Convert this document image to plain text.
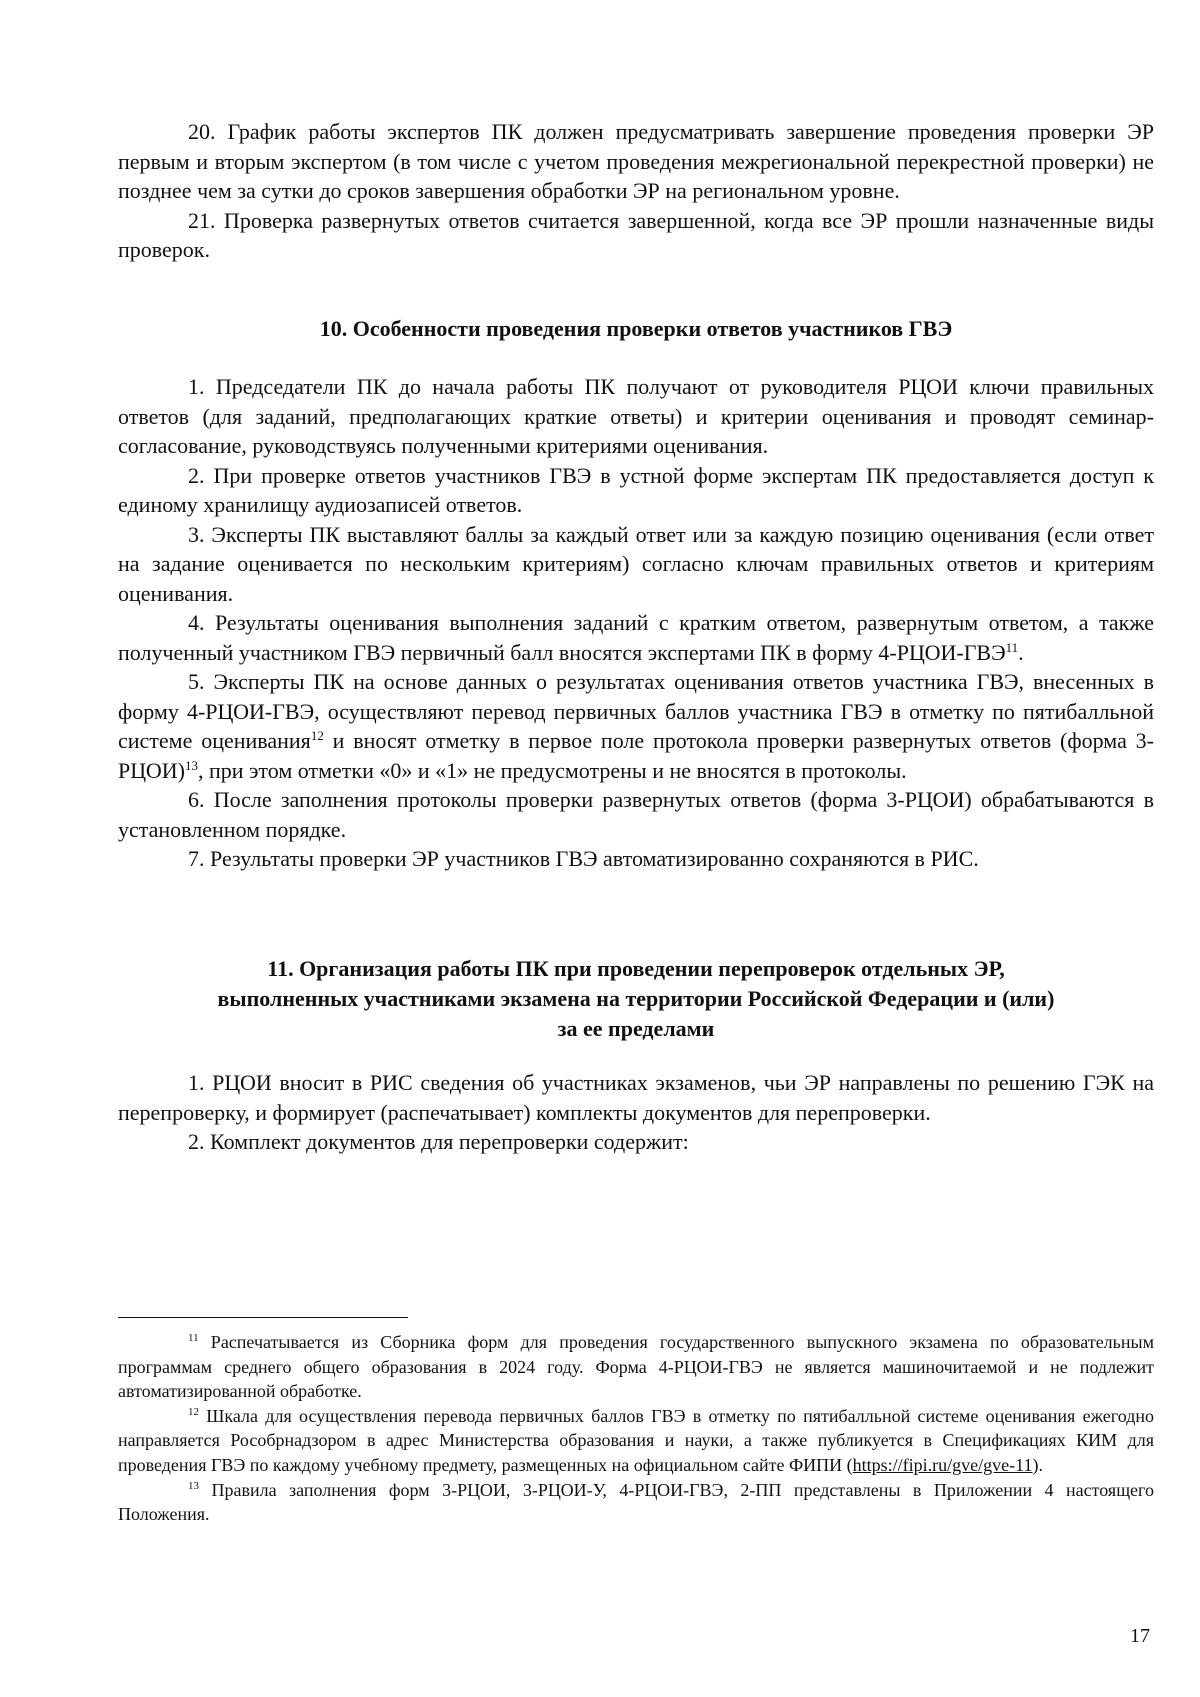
20. График работы экспертов ПК должен предусматривать завершение проведения проверки ЭР первым и вторым экспертом (в том числе с учетом проведения межрегиональной перекрестной проверки) не позднее чем за сутки до сроков завершения обработки ЭР на региональном уровне.

21. Проверка развернутых ответов считается завершенной, когда все ЭР прошли назначенные виды проверок.

10. Особенности проведения проверки ответов участников ГВЭ

1. Председатели ПК до начала работы ПК получают от руководителя РЦОИ ключи правильных ответов (для заданий, предполагающих краткие ответы) и критерии оценивания и проводят семинар-согласование, руководствуясь полученными критериями оценивания.

2. При проверке ответов участников ГВЭ в устной форме экспертам ПК предоставляется доступ к единому хранилищу аудиозаписей ответов.

3. Эксперты ПК выставляют баллы за каждый ответ или за каждую позицию оценивания (если ответ на задание оценивается по нескольким критериям) согласно ключам правильных ответов и критериям оценивания.

4. Результаты оценивания выполнения заданий с кратким ответом, развернутым ответом, а также полученный участником ГВЭ первичный балл вносятся экспертами ПК в форму 4-РЦОИ-ГВЭ$^{11}$.

5. Эксперты ПК на основе данных о результатах оценивания ответов участника ГВЭ, внесенных в форму 4-РЦОИ-ГВЭ, осуществляют перевод первичных баллов участника ГВЭ в отметку по пятибалльной системе оценивания$^{12}$ и вносят отметку в первое поле протокола проверки развернутых ответов (форма 3-РЦОИ)$^{13}$, при этом отметки «0» и «1» не предусмотрены и не вносятся в протоколы.

6. После заполнения протоколы проверки развернутых ответов (форма 3-РЦОИ) обрабатываются в установленном порядке.

7. Результаты проверки ЭР участников ГВЭ автоматизированно сохраняются в РИС.

11. Организация работы ПК при проведении перепроверок отдельных ЭР,

выполненных участниками экзамена на территории Российской Федерации и (или)

за ее пределами

1. РЦОИ вносит в РИС сведения об участниках экзаменов, чьи ЭР направлены по решению ГЭК на перепроверку, и формирует (распечатывает) комплекты документов для перепроверки.

2. Комплект документов для перепроверки содержит:

$^{11}$ Распечатывается из Сборника форм для проведения государственного выпускного экзамена по образовательным программам среднего общего образования в 2024 году. Форма 4-РЦОИ-ГВЭ не является машиночитаемой и не подлежит автоматизированной обработке.

$^{12}$ Шкала для осуществления перевода первичных баллов ГВЭ в отметку по пятибалльной системе оценивания ежегодно направляется Рособрнадзором в адрес Министерства образования и науки, а также публикуется в Спецификациях КИМ для проведения ГВЭ по каждому учебному предмету, размещенных на официальном сайте ФИПИ (https://fipi.ru/gve/gve-11).

$^{13}$ Правила заполнения форм 3-РЦОИ, 3-РЦОИ-У, 4-РЦОИ-ГВЭ, 2-ПП представлены в Приложении 4 настоящего Положения.

17
